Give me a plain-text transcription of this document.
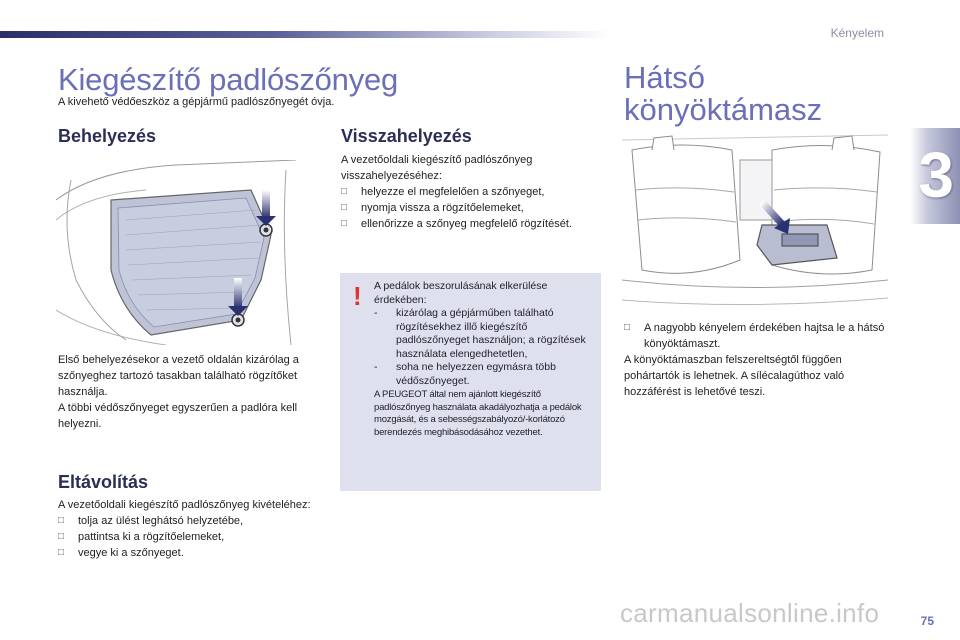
Kényelem
3
Kiegészítő padlószőnyeg
A kivehető védőeszköz a gépjármű padlószőnyegét óvja.
Hátsó
könyöktámasz
Behelyezés

Első behelyezésekor a vezető oldalán kizárólag a szőnyeghez tartozó tasakban található rögzítőket használja.

A többi védőszőnyeget egyszerűen a padlóra kell helyezni.

Eltávolítás

A vezetőoldali kiegészítő padlószőnyeg kivételéhez:

□	tolja az ülést leghátsó helyzetébe,
□	pattintsa ki a rögzítőelemeket,
□	vegye ki a szőnyeget.
Visszahelyezés

A vezetőoldali kiegészítő padlószőnyeg visszahelyezéséhez:

□	helyezze el megfelelően a szőnyeget,
□	nyomja vissza a rögzítőelemeket,
□	ellenőrizze a szőnyeg megfelelő rögzítését.
! A pedálok beszorulásának elkerülése érdekében:

-	kizárólag a gépjárműben található rögzítésekhez illő kiegészítő padlószőnyeget használjon; a rögzítések használata elengedhetetlen,
-	soha ne helyezzen egymásra több védőszőnyeget.

A PEUGEOT által nem ajánlott kiegészítő padlószőnyeg használata akadályozhatja a pedálok mozgását, és a sebességszabályozó/-korlátozó berendezés meghibásodásához vezethet.

□	A nagyobb kényelem érdekében hajtsa le a hátsó könyöktámaszt.

A könyöktámaszban felszereltségtől függően pohártartók is lehetnek. A sílécalagúthoz való hozzáférést is lehetővé teszi.

carmanualsonline.info	75
